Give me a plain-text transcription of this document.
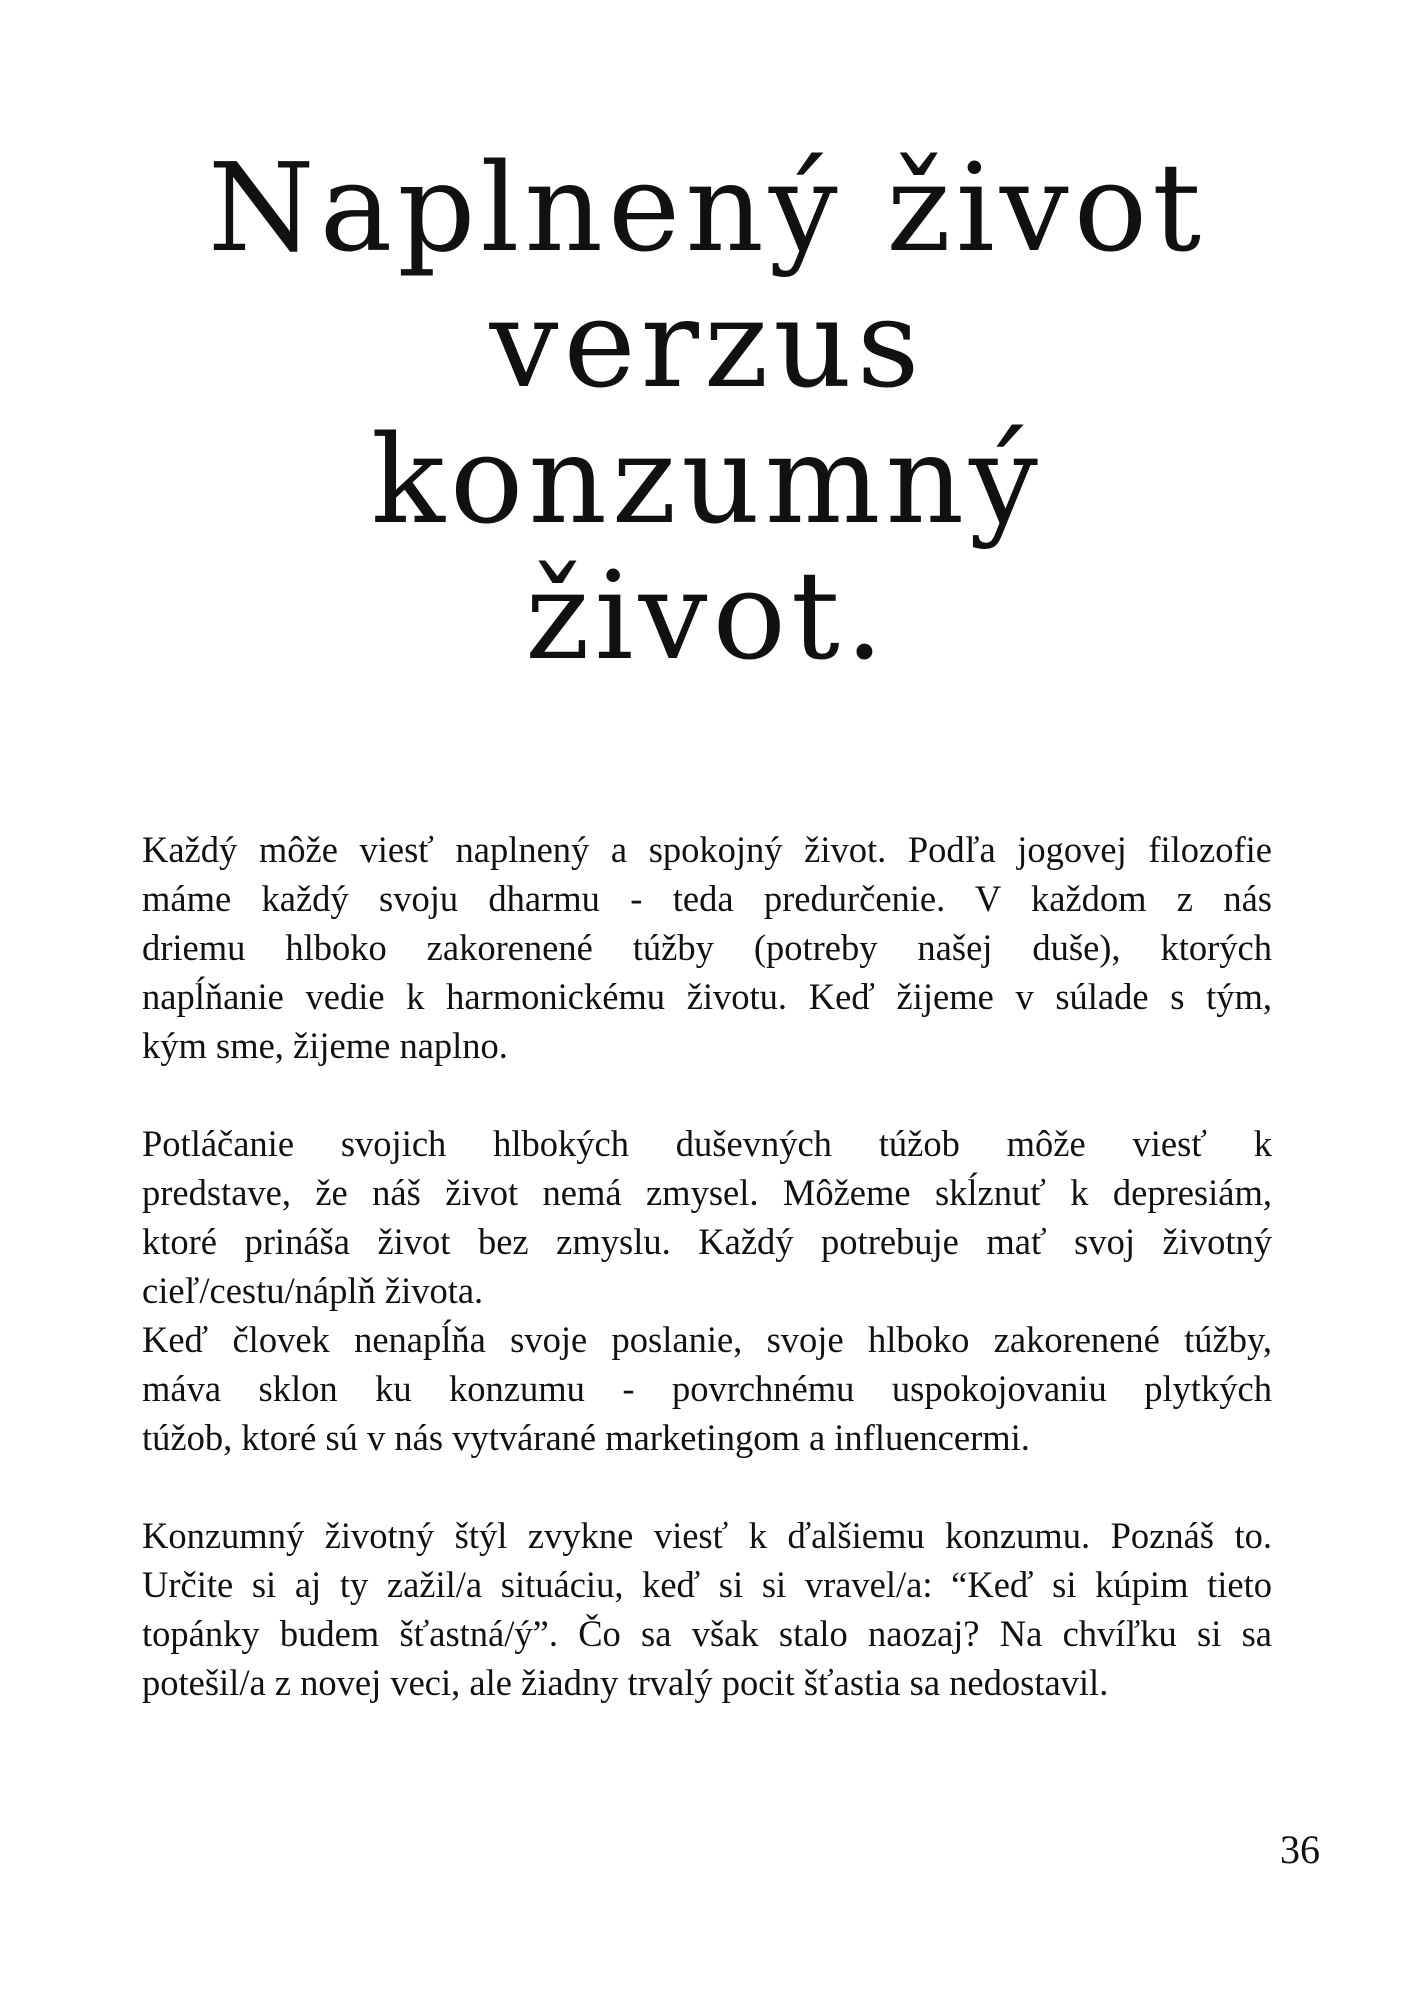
Naplnený život
verzus
konzumný
život.

Každý môže viesť naplnený a spokojný život. Podľa jogovej filozofie
máme každý svoju dharmu - teda predurčenie. V každom z nás
driemu hlboko zakorenené túžby (potreby našej duše), ktorých
napĺňanie vedie k harmonickému životu. Keď žijeme v súlade s tým,
kým sme, žijeme naplno.

Potláčanie svojich hlbokých duševných túžob môže viesť k
predstave, že náš život nemá zmysel. Môžeme skĺznuť k depresiám,
ktoré prináša život bez zmyslu. Každý potrebuje mať svoj životný
cieľ/cestu/náplň života.

Keď človek nenapĺňa svoje poslanie, svoje hlboko zakorenené túžby,
máva sklon ku konzumu - povrchnému uspokojovaniu plytkých
túžob, ktoré sú v nás vytvárané marketingom a influencermi.

Konzumný životný štýl zvykne viesť k ďalšiemu konzumu. Poznáš to.
Určite si aj ty zažil/a situáciu, keď si si vravel/a: “Keď si kúpim tieto
topánky budem šťastná/ý”. Čo sa však stalo naozaj? Na chvíľku si sa
potešil/a z novej veci, ale žiadny trvalý pocit šťastia sa nedostavil.

36
